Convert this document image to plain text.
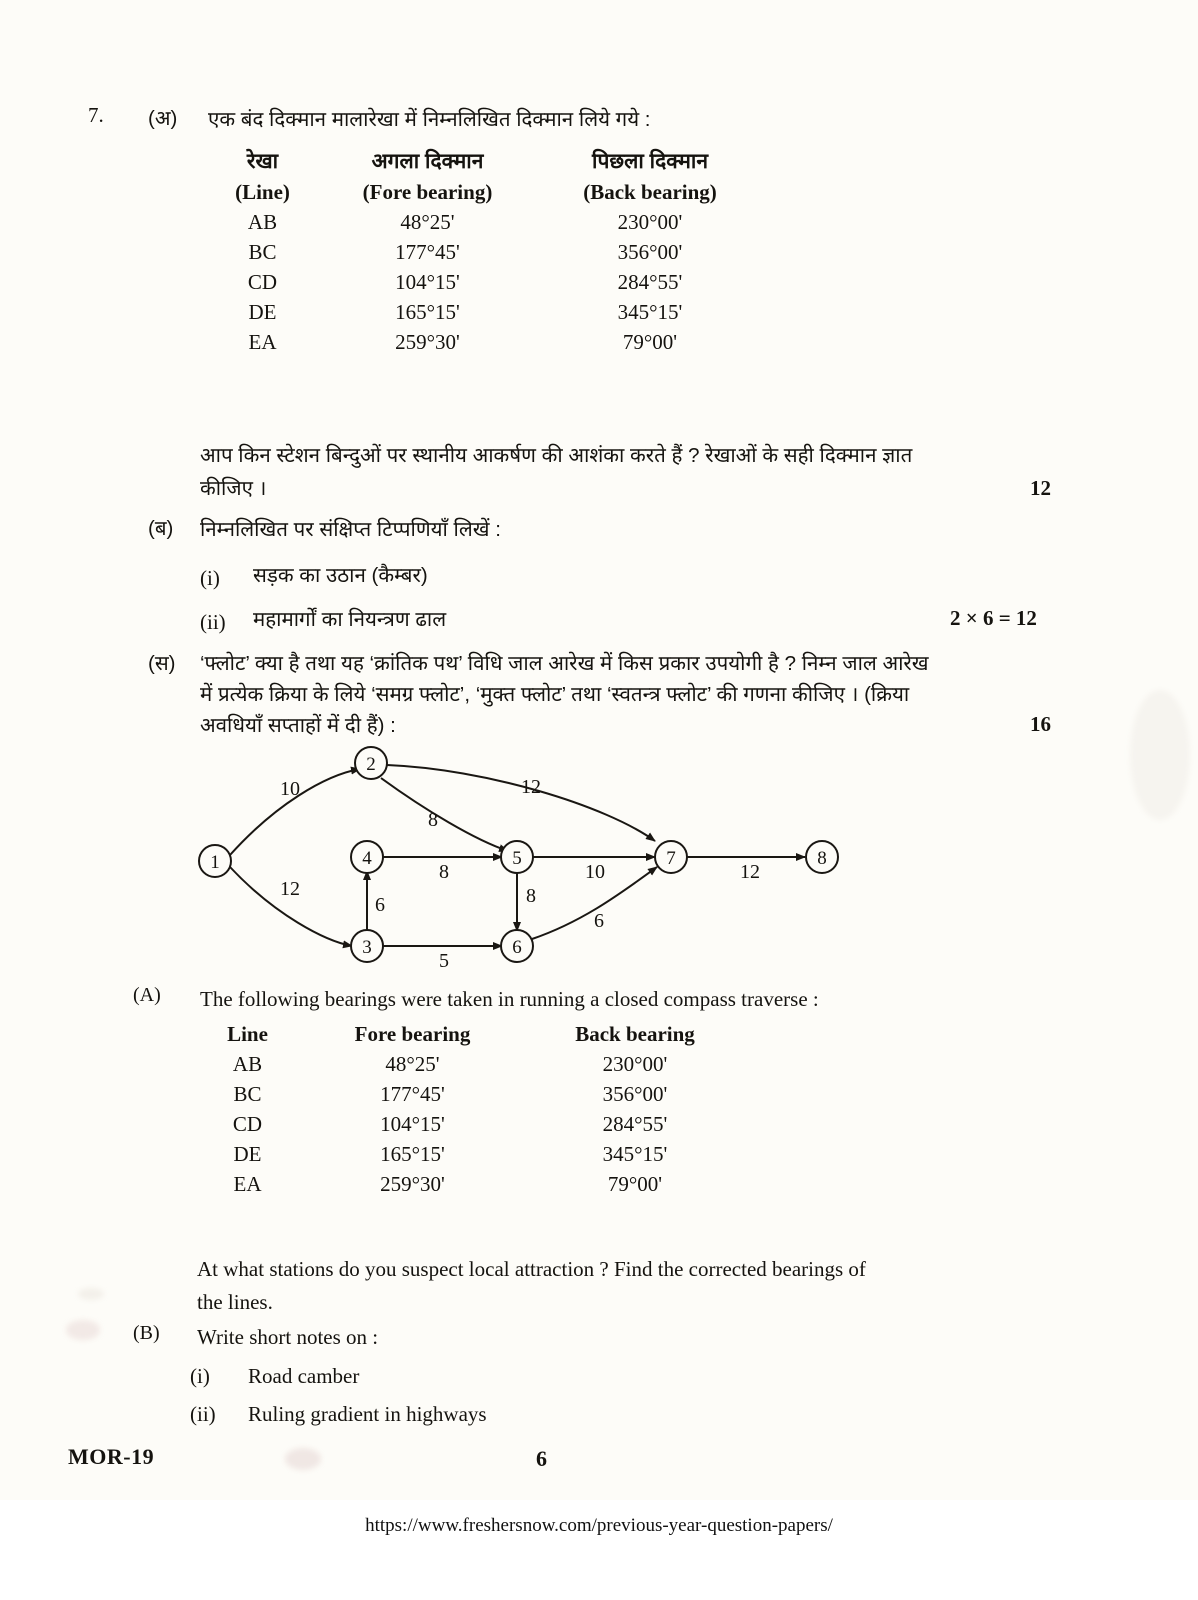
7. (अ) एक बंद दिक्मान मालारेखा में निम्नलिखित दिक्मान लिये गये :
रेखा	अगला दिक्मान	पिछला दिक्मान
(Line)	(Fore bearing)	(Back bearing)
AB	48°25'	230°00'
BC	177°45'	356°00'
CD	104°15'	284°55'
DE	165°15'	345°15'
EA	259°30'	79°00'
आप किन स्टेशन बिन्दुओं पर स्थानीय आकर्षण की आशंका करते हैं ? रेखाओं के सही दिक्मान ज्ञात
कीजिए ।	12
(ब) निम्नलिखित पर संक्षिप्त टिप्पणियाँ लिखें :
(i) सड़क का उठान (कैम्बर)
(ii) महामार्गों का नियन्त्रण ढाल	2 × 6 = 12
(स) ‘फ्लोट’ क्या है तथा यह ‘क्रांतिक पथ’ विधि जाल आरेख में किस प्रकार उपयोगी है ? निम्न जाल आरेख
में प्रत्येक क्रिया के लिये ‘समग्र फ्लोट’, ‘मुक्त फ्लोट’ तथा ‘स्वतन्त्र फ्लोट’ की गणना कीजिए । (क्रिया
अवधियाँ सप्ताहों में दी हैं) :	16
1
2
3
4	5
6
7	8
10
12
8
12
6
5
8
8
10
6
12
(A) The following bearings were taken in running a closed compass traverse :
Line	Fore bearing	Back bearing
AB	48°25'	230°00'
BC	177°45'	356°00'
CD	104°15'	284°55'
DE	165°15'	345°15'
EA	259°30'	79°00'
At what stations do you suspect local attraction ? Find the corrected bearings of
the lines.
(B) Write short notes on :
(i) Road camber
(ii) Ruling gradient in highways
MOR-19	6
https://www.freshersnow.com/previous-year-question-papers/
